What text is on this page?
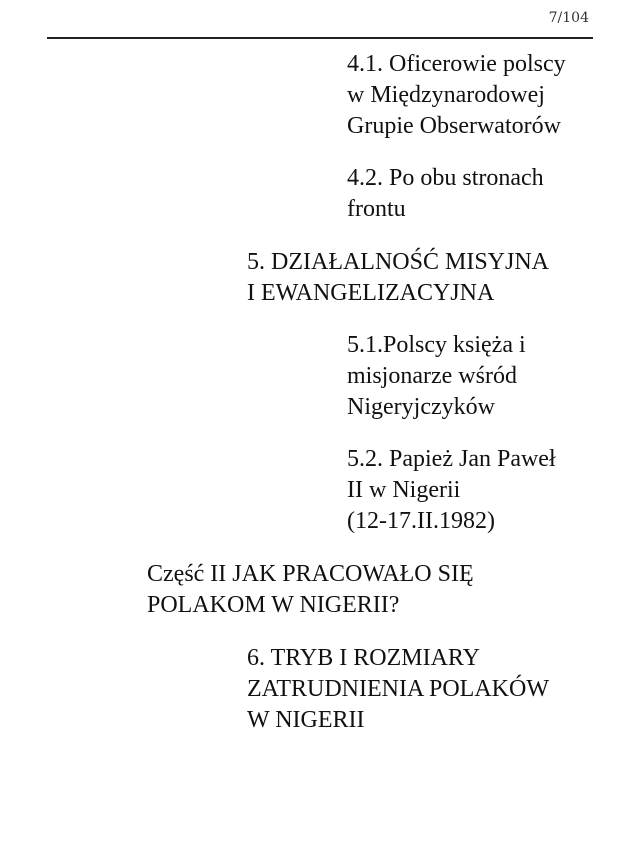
7/104
4.1. Oficerowie polscy
w Międzynarodowej
Grupie Obserwatorów
4.2. Po obu stronach
frontu
5. DZIAŁALNOŚĆ MISYJNA
I EWANGELIZACYJNA
5.1.Polscy księża i
misjonarze wśród
Nigeryjczyków
5.2. Papież Jan Paweł
II w Nigerii
(12-17.II.1982)
Część II JAK PRACOWAŁO SIĘ
POLAKOM W NIGERII?
6. TRYB I ROZMIARY
ZATRUDNIENIA POLAKÓW
W NIGERII
